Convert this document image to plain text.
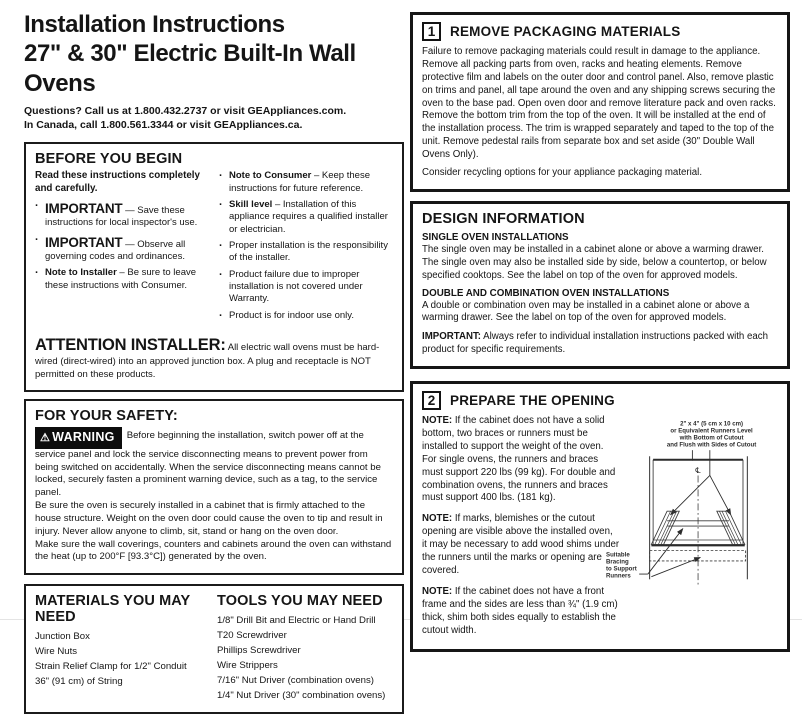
Installation Instructions
27" & 30" Electric Built-In Wall Ovens
Questions? Call us at 1.800.432.2737 or visit GEAppliances.com.
In Canada, call 1.800.561.3344 or visit GEAppliances.ca.
BEFORE YOU BEGIN

Read these instructions completely and carefully.

·
IMPORTANT — Save these instructions for local inspector's use.
·
IMPORTANT — Observe all governing codes and ordinances.
·
Note to Installer – Be sure to leave these instructions with Consumer.
·
Note to Consumer – Keep these instructions for future reference.
·
Skill level – Installation of this appliance requires a qualified installer or electrician.
·
Proper installation is the responsibility of the installer.
·
Product failure due to improper installation is not covered under Warranty.
·
Product is for indoor use only.

ATTENTION INSTALLER: All electric wall ovens must be hard-wired (direct-wired) into an approved junction box. A plug and receptacle is NOT permitted on these products.

FOR YOUR SAFETY:

⚠ WARNING Before beginning the installation, switch power off at the service panel and lock the service disconnecting means to prevent power from being switched on accidentally. When the service disconnecting means cannot be locked, securely fasten a prominent warning device, such as a tag, to the service panel.

Be sure the oven is securely installed in a cabinet that is firmly attached to the house structure. Weight on the oven door could cause the oven to tip and result in injury. Never allow anyone to climb, sit, stand or hang on the oven door.

Make sure the wall coverings, counters and cabinets around the oven can withstand the heat (up to 200°F [93.3°C]) generated by the oven.

MATERIALS YOU MAY NEED
Junction Box
Wire Nuts
Strain Relief Clamp for 1/2" Conduit
36" (91 cm) of String
TOOLS YOU MAY NEED
1/8" Drill Bit and Electric or Hand Drill
T20 Screwdriver
Phillips Screwdriver
Wire Strippers
7/16" Nut Driver (combination ovens)
1/4" Nut Driver (30" combination ovens)
1	REMOVE PACKAGING MATERIALS

Failure to remove packaging materials could result in damage to the appliance. Remove all packing parts from oven, racks and heating elements. Remove protective film and labels on the outer door and control panel. Also, remove plastic on trims and panel, all tape around the oven and any shipping screws securing the oven to the base pad. Open oven door and remove literature pack and oven racks. Remove the bottom trim from the top of the oven. It will be installed at the end of the installation process. The trim is wrapped separately and taped to the top of the unit. Remove pedestal rails from separate box and set aside (30" Double Wall Ovens Only).

Consider recycling options for your appliance packaging material.

DESIGN INFORMATION
SINGLE OVEN INSTALLATIONS

The single oven may be installed in a cabinet alone or above a warming drawer. The single oven may also be installed side by side, below a countertop, or below specified cooktops. See the label on top of the oven for approved models.

DOUBLE AND COMBINATION OVEN INSTALLATIONS

A double or combination oven may be installed in a cabinet alone or above a warming drawer. See the label on top of the oven for approved models.

IMPORTANT: Always refer to individual installation instructions packed with each product for specific requirements.

2	PREPARE THE OPENING

NOTE: If the cabinet does not have a solid bottom, two braces or runners must be installed to support the weight of the oven. For single ovens, the runners and braces must support 220 lbs (99 kg). For double and combination ovens, the runners and braces must support 400 lbs. (181 kg).

NOTE: If marks, blemishes or the cutout opening are visible above the installed oven, it may be necessary to add wood shims under the runners until the marks or opening are covered.

NOTE: If the cabinet does not have a front frame and the sides are less than ¾" (1.9 cm) thick, shim both sides equally to establish the cutout width.

2" x 4" (5 cm x 10 cm)
or Equivalent Runners Level
with Bottom of Cutout
and Flush with Sides of Cutout
℄
Suitable
Bracing
to Support
Runners
